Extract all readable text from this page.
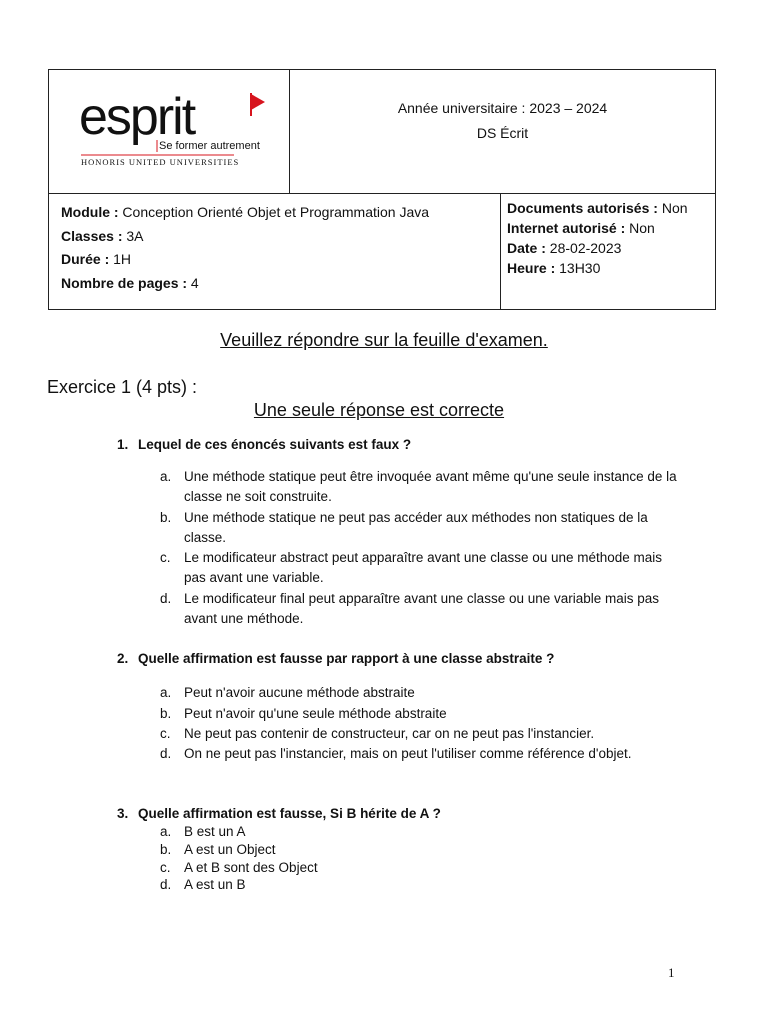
esprit
Se former autrement
HONORIS UNITED UNIVERSITIES
Année universitaire : 2023 – 2024
DS Écrit
Module : Conception Orienté Objet et Programmation Java
Classes : 3A
Durée : 1H
Nombre de pages : 4
Documents autorisés : Non
Internet autorisé : Non
Date : 28-02-2023
Heure : 13H30
Veuillez répondre sur la feuille d'examen.
Exercice 1 (4 pts) :
Une seule réponse est correcte
1. Lequel de ces énoncés suivants est faux ?
a. Une méthode statique peut être invoquée avant même qu'une seule instance de la classe ne soit construite.
b. Une méthode statique ne peut pas accéder aux méthodes non statiques de la classe.
c. Le modificateur abstract peut apparaître avant une classe ou une méthode mais pas avant une variable.
d. Le modificateur final peut apparaître avant une classe ou une variable mais pas avant une méthode.
2. Quelle affirmation est fausse par rapport à une classe abstraite ?
a. Peut n'avoir aucune méthode abstraite
b. Peut n'avoir qu'une seule méthode abstraite
c. Ne peut pas contenir de constructeur, car on ne peut pas l'instancier.
d. On ne peut pas l'instancier, mais on peut l'utiliser comme référence d'objet.
3. Quelle affirmation est fausse, Si B hérite de A ?
a. B est un A
b. A est un Object
c. A et B sont des Object
d. A est un B
1
